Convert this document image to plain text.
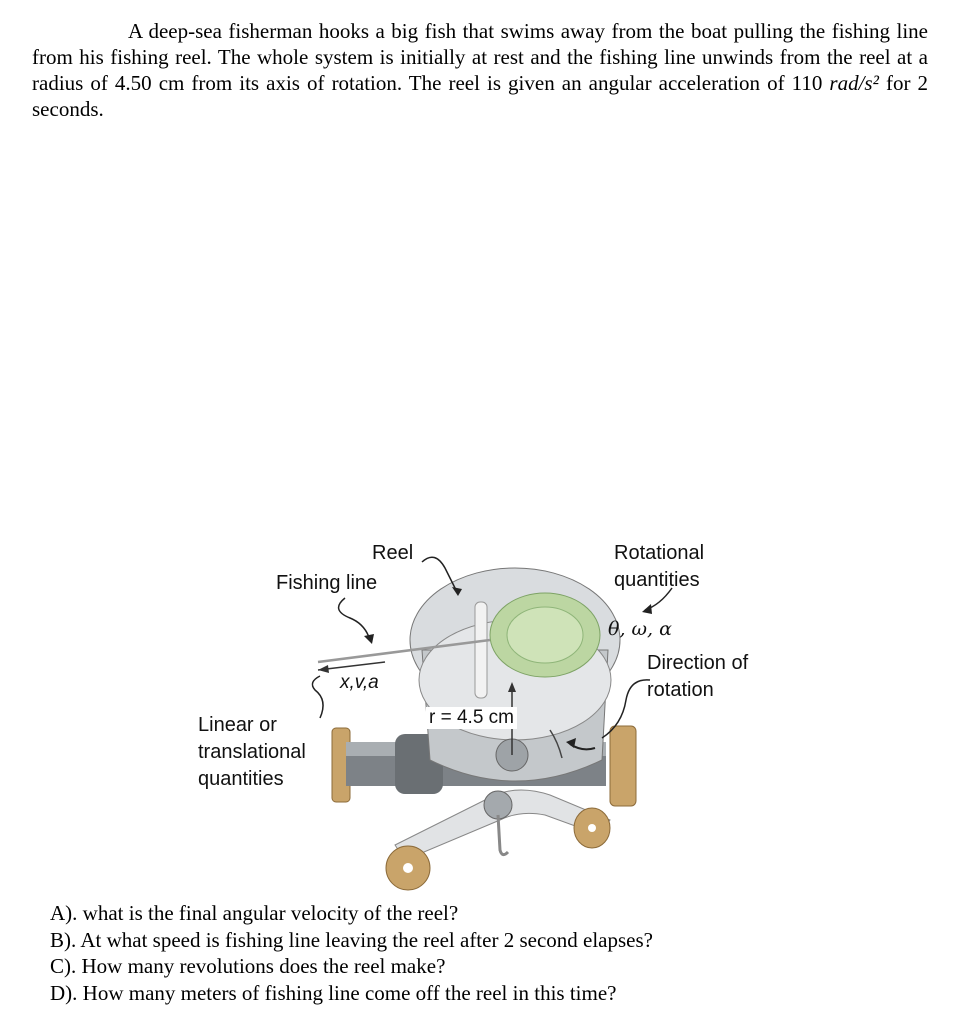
A deep-sea fisherman hooks a big fish that swims away from the boat pulling the fishing line from his fishing reel. The whole system is initially at rest and the fishing line unwinds from the reel at a radius of 4.50 cm from its axis of rotation. The reel is given an angular acceleration of 110 rad/s² for 2 seconds.

Reel
Fishing line
Rotational
quantities
θ, ω, α
Direction of
rotation
x,v,a
Linear or
translational
quantities
r = 4.5 cm
A). what is the final angular velocity of the reel?
B). At what speed is fishing line leaving the reel after 2 second elapses?
C). How many revolutions does the reel make?
D). How many meters of fishing line come off the reel in this time?
